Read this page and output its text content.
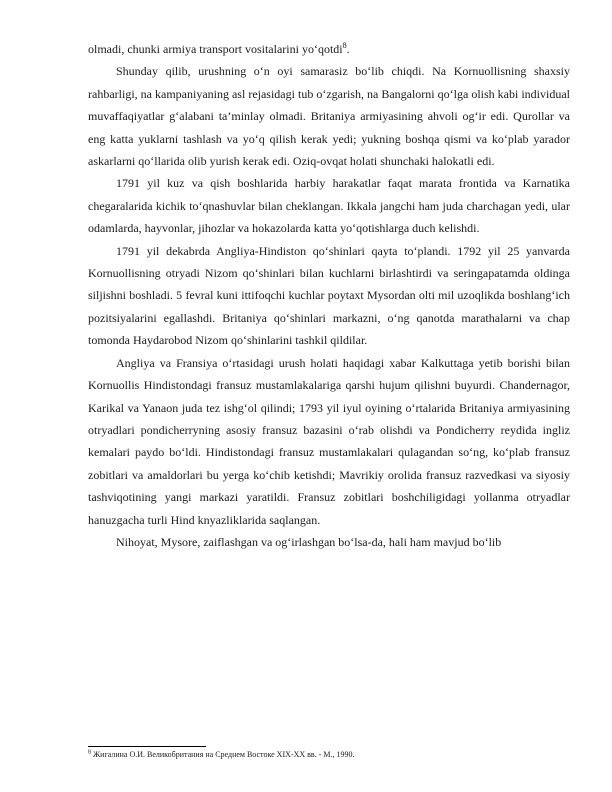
olmadi, chunki armiya transport vositalarini yo‘qotdi$^8$.

Shunday qilib, urushning o‘n oyi samarasiz bo‘lib chiqdi. Na Kornuollisning shaxsiy rahbarligi, na kampaniyaning asl rejasidagi tub o‘zgarish, na Bangalorni qo‘lga olish kabi individual muvaffaqiyatlar g‘alabani ta’minlay olmadi. Britaniya armiyasining ahvoli og‘ir edi. Qurollar va eng katta yuklarni tashlash va yo‘q qilish kerak yedi; yukning boshqa qismi va ko‘plab yarador askarlarni qo‘llarida olib yurish kerak edi. Oziq-ovqat holati shunchaki halokatli edi.

1791 yil kuz va qish boshlarida harbiy harakatlar faqat marata frontida va Karnatika chegaralarida kichik to‘qnashuvlar bilan cheklangan. Ikkala jangchi ham juda charchagan yedi, ular odamlarda, hayvonlar, jihozlar va hokazolarda katta yo‘qotishlarga duch kelishdi.

1791 yil dekabrda Angliya-Hindiston qo‘shinlari qayta to‘plandi. 1792 yil 25 yanvarda Kornuollisning otryadi Nizom qo‘shinlari bilan kuchlarni birlashtirdi va seringapatamda oldinga siljishni boshladi. 5 fevral kuni ittifoqchi kuchlar poytaxt Mysordan olti mil uzoqlikda boshlang‘ich pozitsiyalarini egallashdi. Britaniya qo‘shinlari markazni, o‘ng qanotda marathalarni va chap tomonda Haydarobod Nizom qo‘shinlarini tashkil qildilar.

Angliya va Fransiya o‘rtasidagi urush holati haqidagi xabar Kalkuttaga yetib borishi bilan Kornuollis Hindistondagi fransuz mustamlakalariga qarshi hujum qilishni buyurdi. Chandernagor, Karikal va Yanaon juda tez ishg‘ol qilindi; 1793 yil iyul oyining o‘rtalarida Britaniya armiyasining otryadlari pondicherryning asosiy fransuz bazasini o‘rab olishdi va Pondicherry reydida ingliz kemalari paydo bo‘ldi. Hindistondagi fransuz mustamlakalari qulagandan so‘ng, ko‘plab fransuz zobitlari va amaldorlari bu yerga ko‘chib ketishdi; Mavrikiy orolida fransuz razvedkasi va siyosiy tashviqotining yangi markazi yaratildi. Fransuz zobitlari boshchiligidagi yollanma otryadlar hanuzgacha turli Hind knyazliklarida saqlangan.

Nihoyat, Mysore, zaiflashgan va og‘irlashgan bo‘lsa-da, hali ham mavjud bo‘lib

$^8$ Жигалина О.И. Великобритания на Среднем Востоке XIX-XX вв. - М., 1990.
